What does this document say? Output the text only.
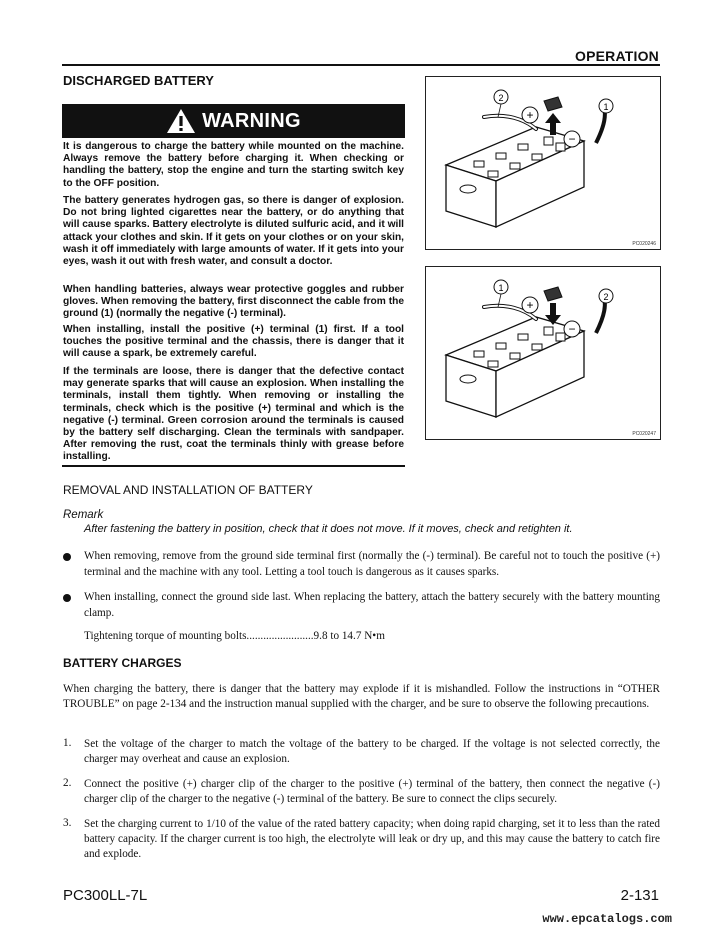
OPERATION
DISCHARGED BATTERY
WARNING

It is dangerous to charge the battery while mounted on the machine. Always remove the battery before charging it. When checking or handling the battery, stop the engine and turn the starting switch key to the OFF position.

The battery generates hydrogen gas, so there is danger of explosion. Do not bring lighted cigarettes near the battery, or do anything that will cause sparks. Battery electrolyte is diluted sulfuric acid, and it will attack your clothes and skin. If it gets on your clothes or on your skin, wash it off immediately with large amounts of water. If it gets into your eyes, wash it out with fresh water, and consult a doctor.

When handling batteries, always wear protective goggles and rubber gloves. When removing the battery, first disconnect the cable from the ground (1) (normally the negative (-) terminal).

When installing, install the positive (+) terminal (1) first. If a tool touches the positive terminal and the chassis, there is danger that it will cause a spark, be extremely careful.

If the terminals are loose, there is danger that the defective contact may generate sparks that will cause an explosion. When installing the terminals, install them tightly. When removing or installing the terminals, check which is the positive (+) terminal and which is the negative (-) terminal. Green corrosion around the terminals is caused by the battery self discharging. Clean the terminals with sandpaper. After removing the rust, coat the terminals thinly with grease before installing.

+
−
2
1
PC020246
+
−
1
2
PC020247
REMOVAL AND INSTALLATION OF BATTERY
Remark
After fastening the battery in position, check that it does not move. If it moves, check and retighten it.
When removing, remove from the ground side terminal first (normally the (-) terminal). Be careful not to touch the positive (+) terminal and the machine with any tool. Letting a tool touch is dangerous as it causes sparks.
When installing, connect the ground side last. When replacing the battery, attach the battery securely with the battery mounting clamp.
Tightening torque of mounting bolts........................9.8 to 14.7 N•m
BATTERY CHARGES
When charging the battery, there is danger that the battery may explode if it is mishandled. Follow the instructions in “OTHER TROUBLE” on page 2-134 and the instruction manual supplied with the charger, and be sure to observe the following precautions.
1. Set the voltage of the charger to match the voltage of the battery to be charged. If the voltage is not selected correctly, the charger may overheat and cause an explosion.
2. Connect the positive (+) charger clip of the charger to the positive (+) terminal of the battery, then connect the negative (-) charger clip of the charger to the negative (-) terminal of the battery. Be sure to connect the clips securely.
3. Set the charging current to 1/10 of the value of the rated battery capacity; when doing rapid charging, set it to less than the rated battery capacity. If the charger current is too high, the electrolyte will leak or dry up, and this may cause the battery to catch fire and explode.
PC300LL-7L	2-131
www.epcatalogs.com
